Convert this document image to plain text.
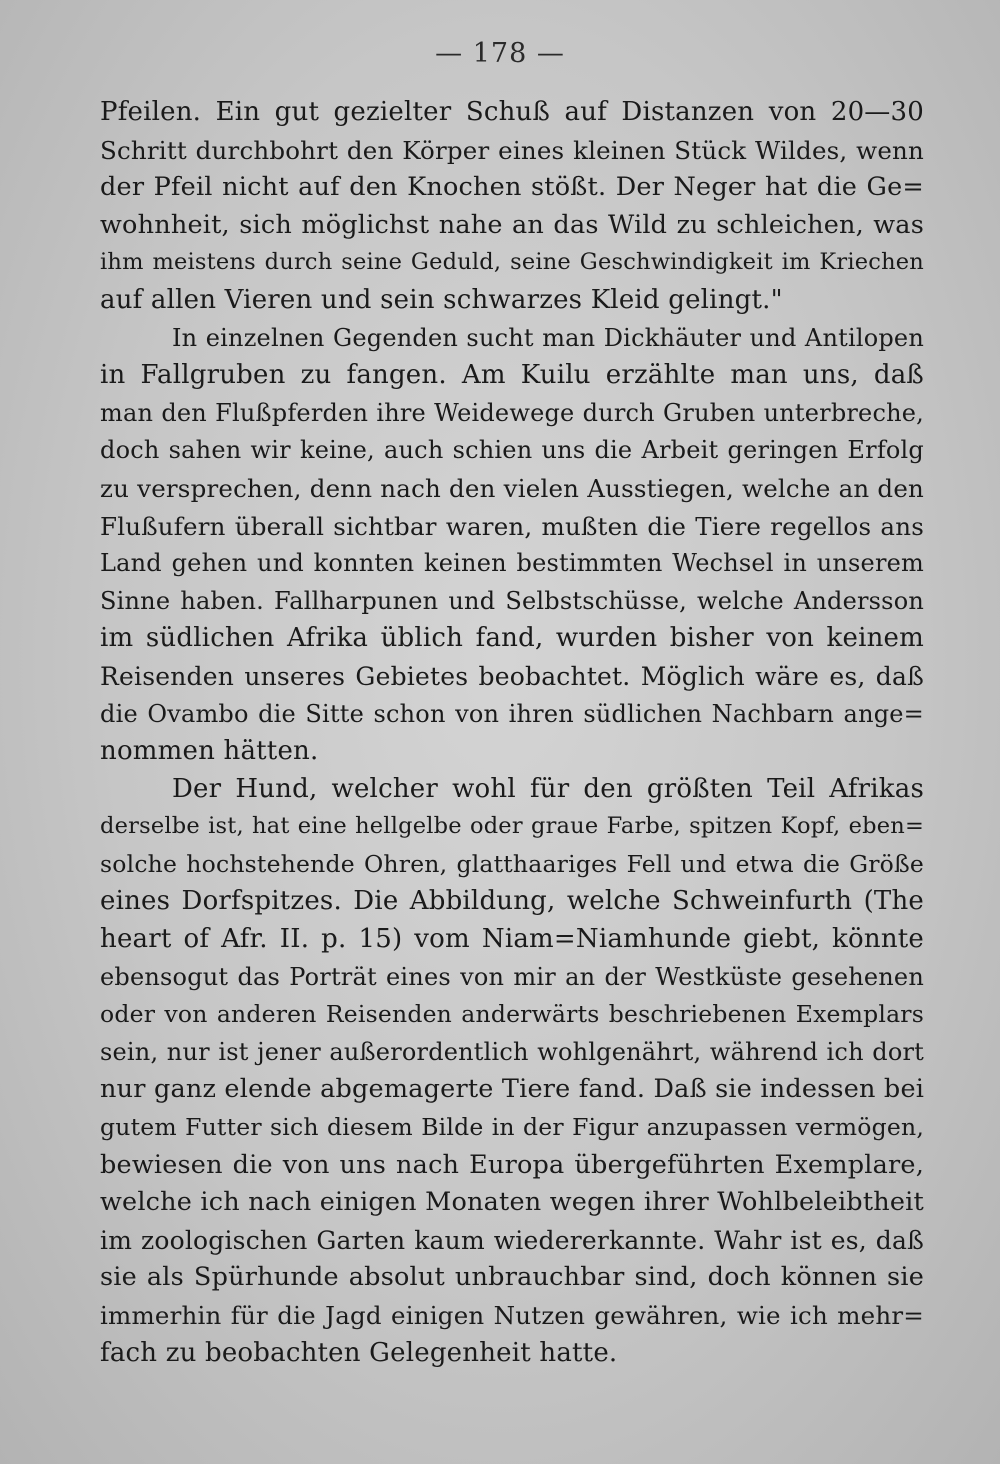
— 178 —
Pfeilen. Ein gut gezielter Schuß auf Distanzen von 20—30
Schritt durchbohrt den Körper eines kleinen Stück Wildes, wenn
der Pfeil nicht auf den Knochen stößt. Der Neger hat die Ge=
wohnheit, sich möglichst nahe an das Wild zu schleichen, was
ihm meistens durch seine Geduld, seine Geschwindigkeit im Kriechen
auf allen Vieren und sein schwarzes Kleid gelingt."
In einzelnen Gegenden sucht man Dickhäuter und Antilopen
in Fallgruben zu fangen. Am Kuilu erzählte man uns, daß
man den Flußpferden ihre Weidewege durch Gruben unterbreche,
doch sahen wir keine, auch schien uns die Arbeit geringen Erfolg
zu versprechen, denn nach den vielen Ausstiegen, welche an den
Flußufern überall sichtbar waren, mußten die Tiere regellos ans
Land gehen und konnten keinen bestimmten Wechsel in unserem
Sinne haben. Fallharpunen und Selbstschüsse, welche Andersson
im südlichen Afrika üblich fand, wurden bisher von keinem
Reisenden unseres Gebietes beobachtet. Möglich wäre es, daß
die Ovambo die Sitte schon von ihren südlichen Nachbarn ange=
nommen hätten.
Der Hund, welcher wohl für den größten Teil Afrikas
derselbe ist, hat eine hellgelbe oder graue Farbe, spitzen Kopf, eben=
solche hochstehende Ohren, glatthaariges Fell und etwa die Größe
eines Dorfspitzes. Die Abbildung, welche Schweinfurth (The
heart of Afr. II. p. 15) vom Niam=Niamhunde giebt, könnte
ebensogut das Porträt eines von mir an der Westküste gesehenen
oder von anderen Reisenden anderwärts beschriebenen Exemplars
sein, nur ist jener außerordentlich wohlgenährt, während ich dort
nur ganz elende abgemagerte Tiere fand. Daß sie indessen bei
gutem Futter sich diesem Bilde in der Figur anzupassen vermögen,
bewiesen die von uns nach Europa übergeführten Exemplare,
welche ich nach einigen Monaten wegen ihrer Wohlbeleibtheit
im zoologischen Garten kaum wiedererkannte. Wahr ist es, daß
sie als Spürhunde absolut unbrauchbar sind, doch können sie
immerhin für die Jagd einigen Nutzen gewähren, wie ich mehr=
fach zu beobachten Gelegenheit hatte.
